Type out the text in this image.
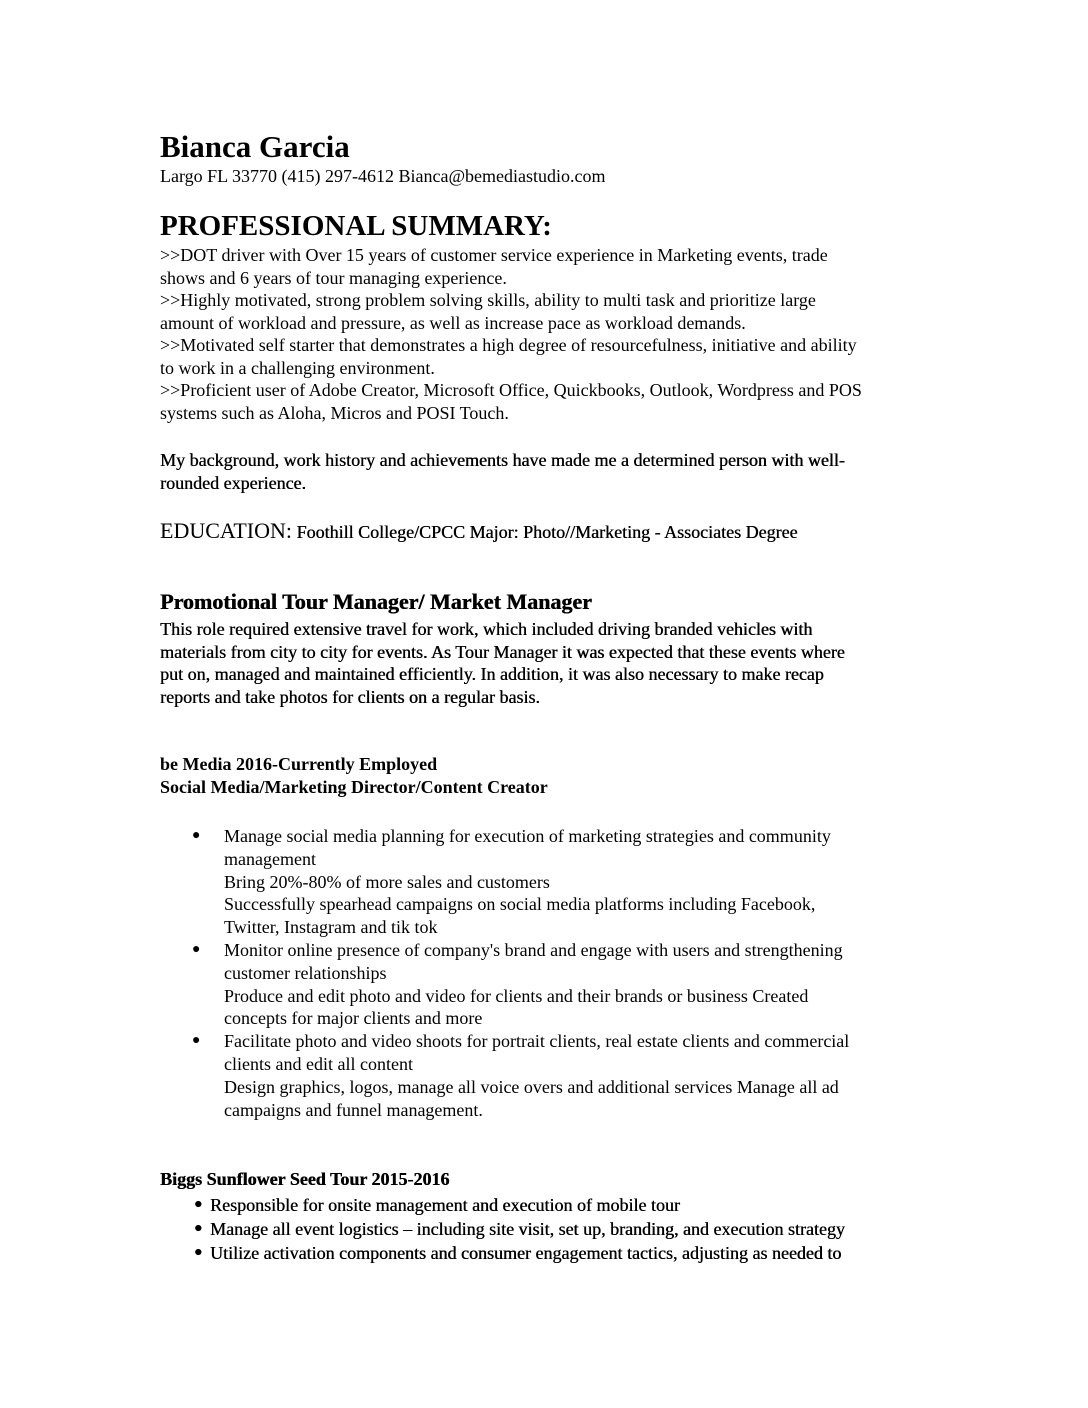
Bianca Garcia
Largo FL 33770 (415) 297-4612 Bianca@bemediastudio.com
PROFESSIONAL SUMMARY:
>>DOT driver with Over 15 years of customer service experience in Marketing events, trade
shows and 6 years of tour managing experience.
>>Highly motivated, strong problem solving skills, ability to multi task and prioritize large
amount of workload and pressure, as well as increase pace as workload demands.
>>Motivated self starter that demonstrates a high degree of resourcefulness, initiative and ability
to work in a challenging environment.
>>Proficient user of Adobe Creator, Microsoft Office, Quickbooks, Outlook, Wordpress and POS
systems such as Aloha, Micros and POSI Touch.
My background, work history and achievements have made me a determined person with well-
rounded experience.
EDUCATION: Foothill College/CPCC Major: Photo//Marketing - Associates Degree
Promotional Tour Manager/ Market Manager
This role required extensive travel for work, which included driving branded vehicles with
materials from city to city for events. As Tour Manager it was expected that these events where
put on, managed and maintained efficiently. In addition, it was also necessary to make recap
reports and take photos for clients on a regular basis.
be Media 2016-Currently Employed
Social Media/Marketing Director/Content Creator
● Manage social media planning for execution of marketing strategies and community
management
Bring 20%-80% of more sales and customers
Successfully spearhead campaigns on social media platforms including Facebook,
Twitter, Instagram and tik tok
● Monitor online presence of company's brand and engage with users and strengthening
customer relationships
Produce and edit photo and video for clients and their brands or business Created
concepts for major clients and more
● Facilitate photo and video shoots for portrait clients, real estate clients and commercial
clients and edit all content
Design graphics, logos, manage all voice overs and additional services Manage all ad
campaigns and funnel management.
Biggs Sunflower Seed Tour 2015-2016
● Responsible for onsite management and execution of mobile tour
● Manage all event logistics – including site visit, set up, branding, and execution strategy
● Utilize activation components and consumer engagement tactics, adjusting as needed to
